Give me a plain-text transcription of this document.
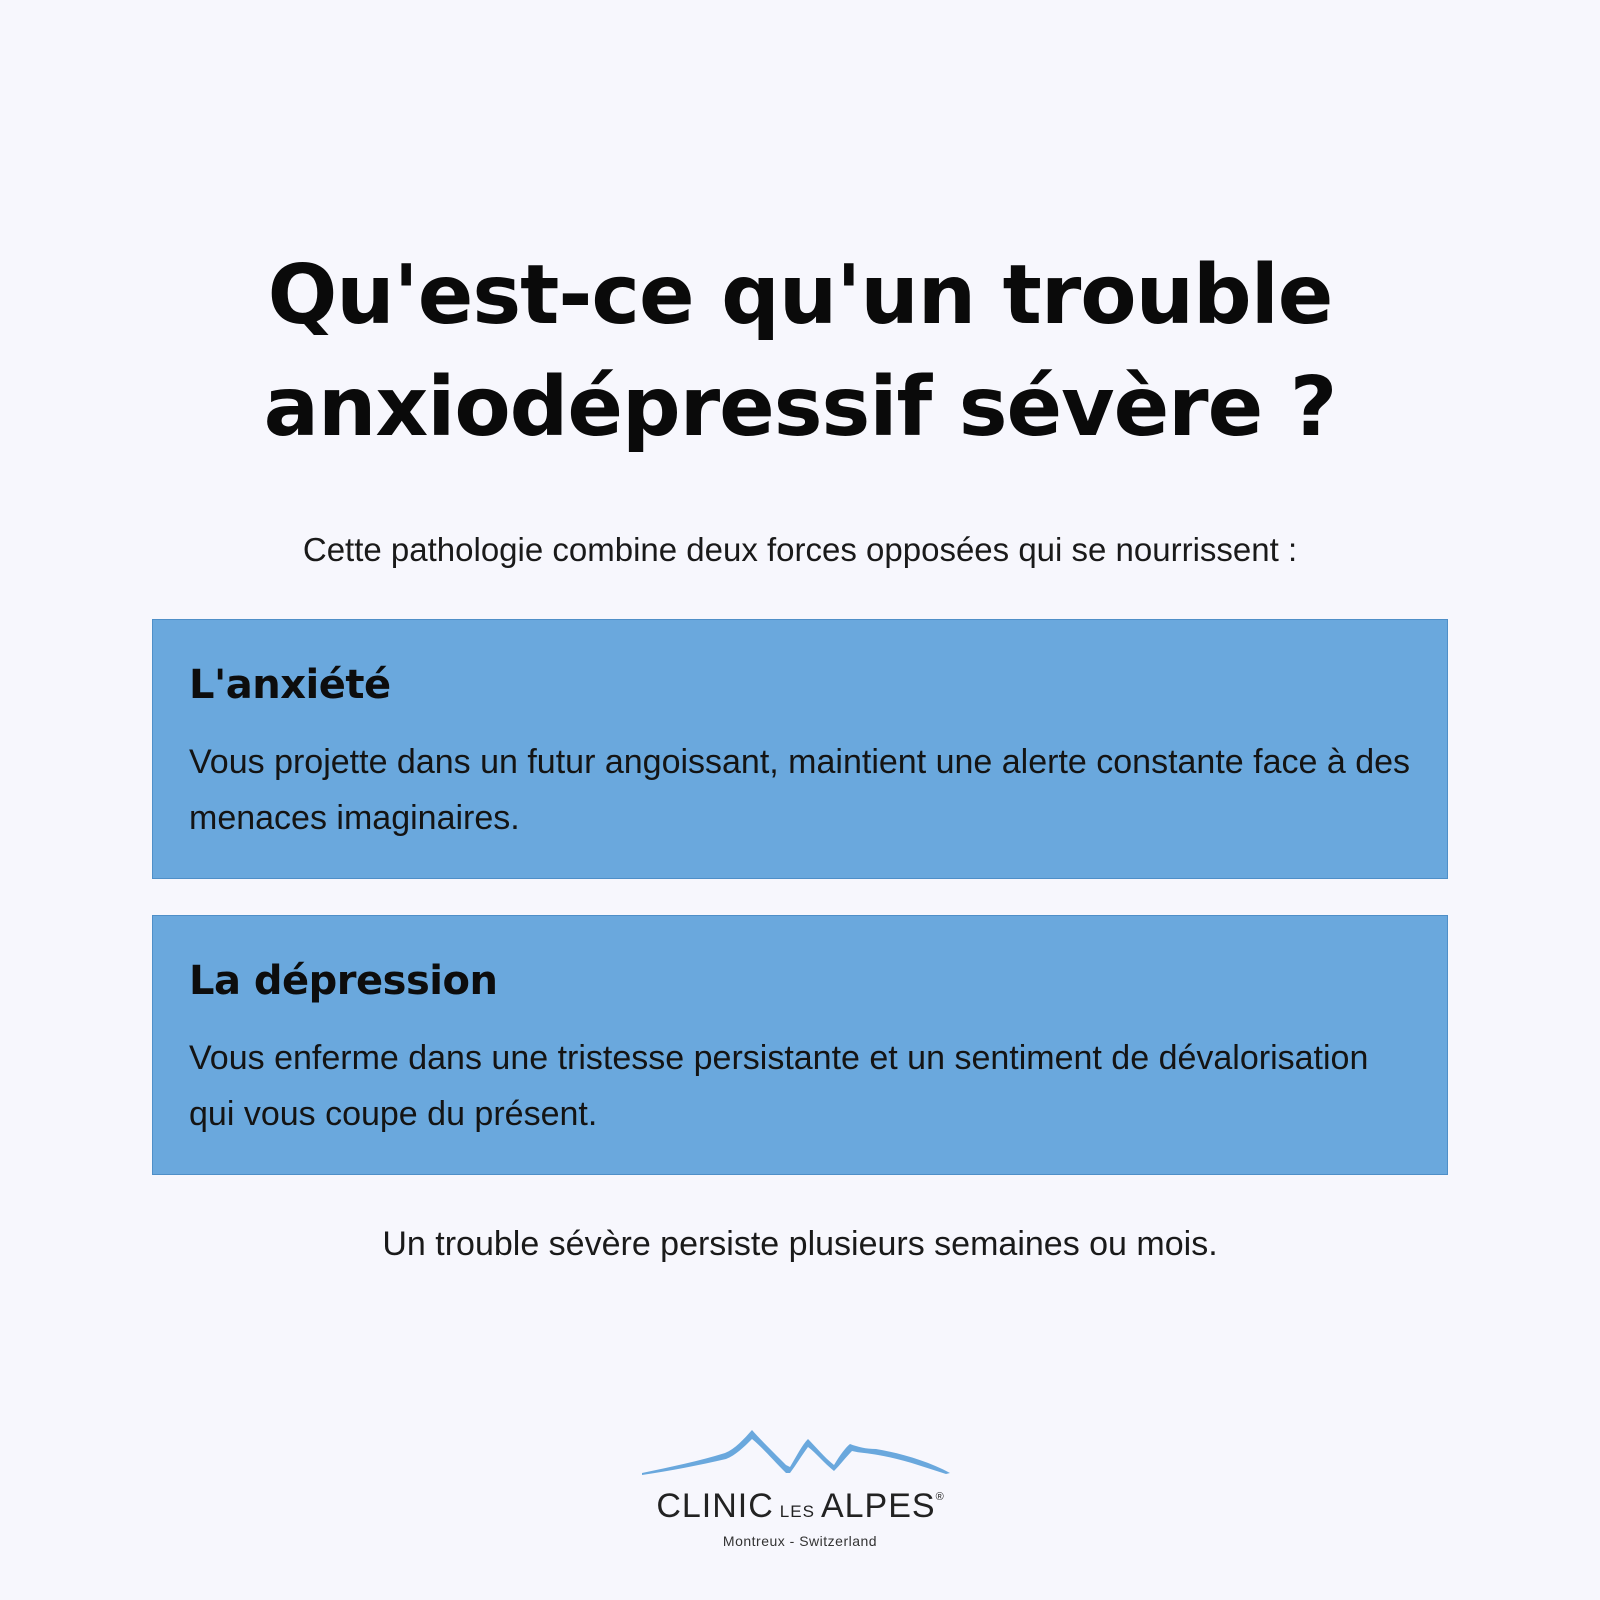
Qu'est-ce qu'un trouble
anxiodépressif sévère ?

Cette pathologie combine deux forces opposées qui se nourrissent :

L'anxiété

Vous projette dans un futur angoissant, maintient une alerte constante face à des menaces imaginaires.

La dépression

Vous enferme dans une tristesse persistante et un sentiment de dévalorisation qui vous coupe du présent.

Un trouble sévère persiste plusieurs semaines ou mois.

CLINIC LES ALPES®
Montreux - Switzerland
